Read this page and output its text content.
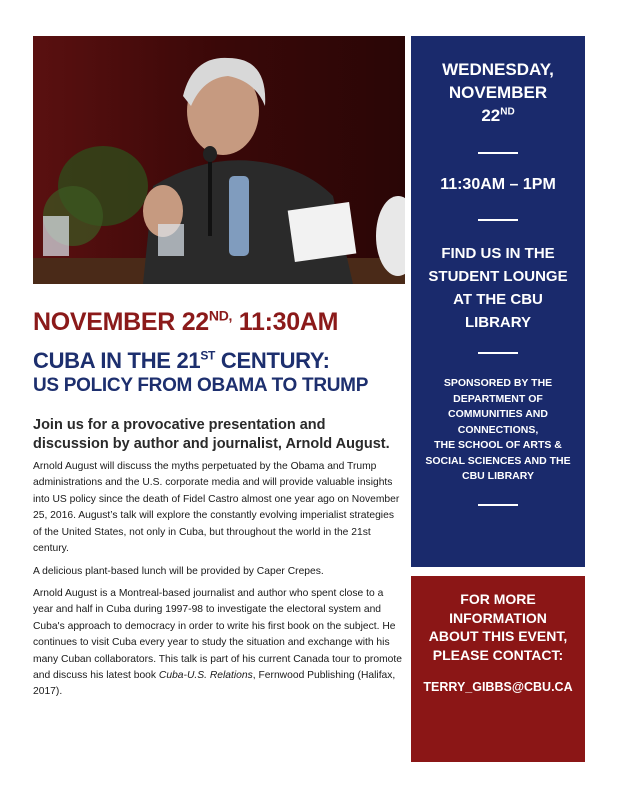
NOVEMBER $22^{ND,}$ 11:30AM
CUBA IN THE 21ST CENTURY:
US POLICY FROM OBAMA TO TRUMP
Join us for a provocative presentation and discussion by author and journalist, Arnold August.
Arnold August will discuss the myths perpetuated by the Obama and Trump administrations and the U.S. corporate media and will provide valuable insights into US policy since the death of Fidel Castro almost one year ago on November 25, 2016. August’s talk will explore the constantly evolving imperialist strategies of the United States, not only in Cuba, but throughout the world in the 21st century.
A delicious plant-based lunch will be provided by Caper Crepes.
Arnold August is a Montreal-based journalist and author who spent close to a year and half in Cuba during 1997-98 to investigate the electoral system and Cuba's approach to democracy in order to write his first book on the subject. He continues to visit Cuba every year to study the situation and exchange with his many Cuban collaborators. This talk is part of his current Canada tour to promote and discuss his latest book Cuba-U.S. Relations, Fernwood Publishing (Halifax, 2017).
WEDNESDAY,
NOVEMBER
22ND
11:30AM – 1PM
FIND US IN THE
STUDENT LOUNGE
AT THE CBU
LIBRARY
SPONSORED BY THE
DEPARTMENT OF
COMMUNITIES AND
CONNECTIONS,
THE SCHOOL OF ARTS &
SOCIAL SCIENCES AND THE
CBU LIBRARY
FOR MORE
INFORMATION
ABOUT THIS EVENT,
PLEASE CONTACT:
TERRY_GIBBS@CBU.CA
